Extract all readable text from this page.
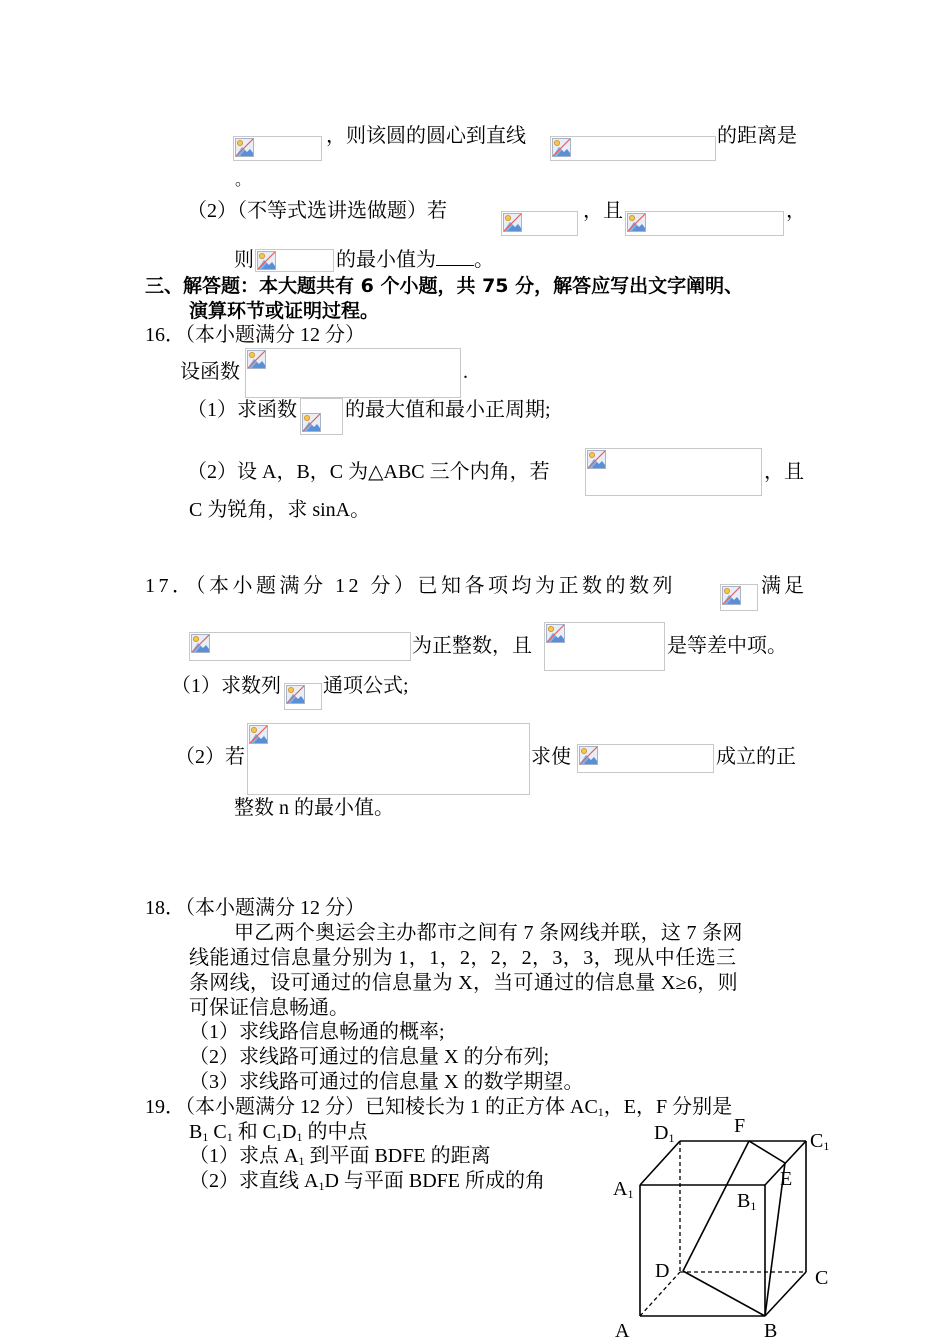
，则该圆的圆心到直线	的距离是
。
（2）（不等式选讲选做题）若	，且	，
则	的最小值为 。
三、解答题：本大题共有 6 个小题，共 75 分，解答应写出文字阐明、
演算环节或证明过程。
16．（本小题满分 12 分）
设函数	.
（1）求函数 的最大值和最小正周期;
（2）设 A，B，C 为△ABC 三个内角，若	，且
C 为锐角，求 sinA。
17．（本小题满分 12 分）已知各项均为正数的数列	满足
为正整数，且	是等差中项。
（1）求数列 通项公式;
（2）若	求使	成立的正
整数 n 的最小值。
18．（本小题满分 12 分）
甲乙两个奥运会主办都市之间有 7 条网线并联，这 7 条网
线能通过信息量分别为 1，1，2，2，2，3，3，现从中任选三
条网线，设可通过的信息量为 X，当可通过的信息量 X≥6，则
可保证信息畅通。
（1）求线路信息畅通的概率;
（2）求线路可通过的信息量 X 的分布列;
（3）求线路可通过的信息量 X 的数学期望。
19．（本小题满分 12 分）已知棱长为 1 的正方体 $AC_1$，E，F 分别是
$B_1$ $C_1$ 和 $C_1D_1$ 的中点
（1）求点 $A_1$ 到平面 BDFE 的距离
（2）求直线 $A_1D$ 与平面 BDFE 所成的角
$D_1$
F
$C_1$
$A_1$
E
$B_1$
D	C
A	B
